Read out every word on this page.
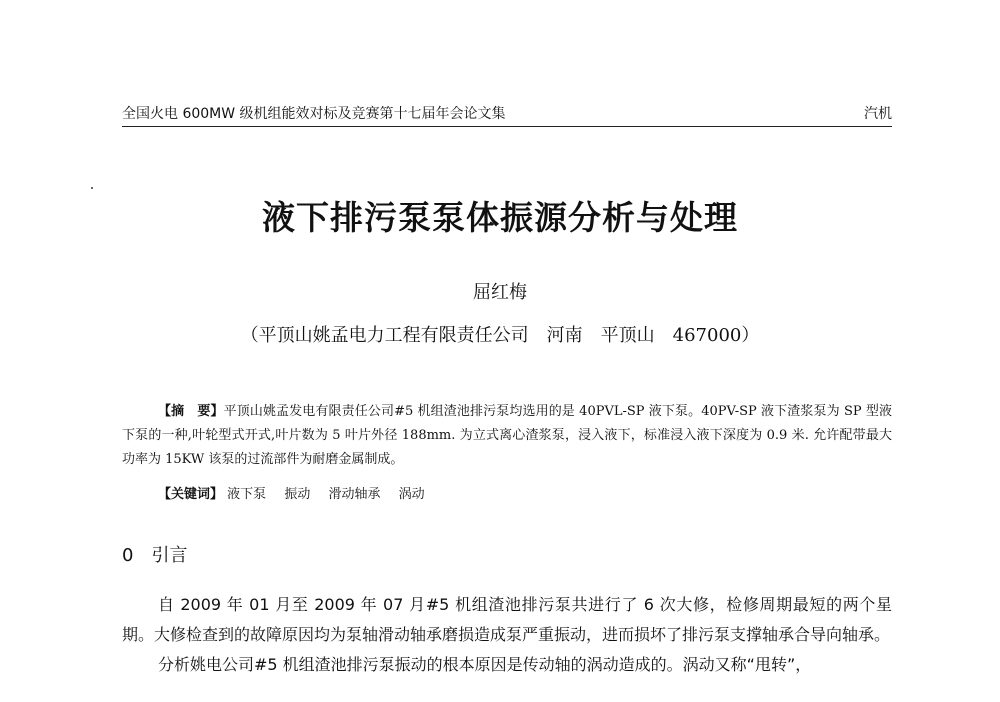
全国火电 600MW 级机组能效对标及竞赛第十七届年会论文集	汽机
液下排污泵泵体振源分析与处理
屈红梅
（平顶山姚孟电力工程有限责任公司　河南　平顶山　467000）
【摘　要】平顶山姚孟发电有限责任公司#5 机组渣池排污泵均选用的是 40PVL-SP 液下泵。40PV-SP 液下渣浆泵为 SP 型液下泵的一种,叶轮型式开式,叶片数为 5 叶片外径 188mm. 为立式离心渣浆泵，浸入液下，标准浸入液下深度为 0.9 米. 允许配带最大功率为 15KW 该泵的过流部件为耐磨金属制成。
【关键词】 液下泵 振动 滑动轴承 涡动
0 引言

自 2009 年 01 月至 2009 年 07 月#5 机组渣池排污泵共进行了 6 次大修，检修周期最短的两个星期。大修检查到的故障原因均为泵轴滑动轴承磨损造成泵严重振动，进而损坏了排污泵支撑轴承合导向轴承。

分析姚电公司#5 机组渣池排污泵振动的根本原因是传动轴的涡动造成的。涡动又称“甩转”，
